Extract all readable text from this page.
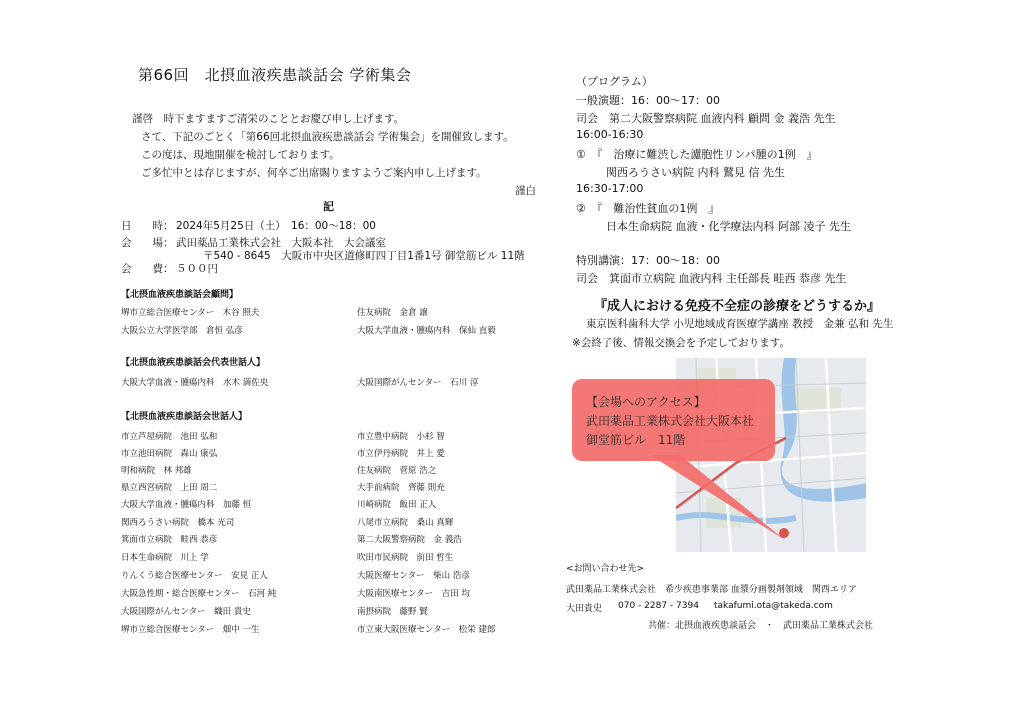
第66回　北摂血液疾患談話会 学術集会
謹啓　時下ますますご清栄のこととお慶び申し上げます。
さて、下記のごとく「第66回北摂血液疾患談話会 学術集会」を開催致します。
この度は、現地開催を検討しております。
ご多忙中とは存じますが、何卒ご出席賜りますようご案内申し上げます。
謹白
記
日　　時： 2024年5月25日（土）　16：00〜18：00
会　　場： 武田薬品工業株式会社　大阪本社　大会議室
〒540 - 8645　大阪市中央区道修町四丁目1番1号 御堂筋ビル 11階
会　　費： ５００円
【北摂血液疾患談話会顧問】
堺市立総合医療センター　木谷 照夫	住友病院　金倉 譲
大阪公立大学医学部　倉恒 弘彦	大阪大学血液・腫瘍内科　保仙 直毅
【北摂血液疾患談話会代表世話人】
大阪大学血液・腫瘍内科　水木 満佐央	大阪国際がんセンター　石川 淳
【北摂血液疾患談話会世話人】
市立芦屋病院　池田 弘和	市立豊中病院　小杉 智
市立池田病院　森山 康弘	市立伊丹病院　井上 愛
明和病院　林 邦雄	住友病院　菅原 浩之
県立西宮病院　上田 周二	大手前病院　齊藤 則充
大阪大学血液・腫瘍内科　加藤 恒	川崎病院　飯田 正人
関西ろうさい病院　橋本 光司	八尾市立病院　桑山 真輝
箕面市立病院　畦西 恭彦	第二大阪警察病院　金 義浩
日本生命病院　川上 学	吹田市民病院　前田 哲生
りんくう総合医療センター　安見 正人	大阪医療センター　柴山 浩彦
大阪急性期・総合医療センター　石河 純	大阪南医療センター　吉田 均
大阪国際がんセンター　織田 貴史	南摂病院　藤野 賢
堺市立総合医療センター　畑中 一生	市立東大阪医療センター　松栄 建郎
（プログラム）
一般演題：16：00〜17：00
司会　第二大阪警察病院 血液内科 顧問 金 義浩 先生
16:00-16:30
①　『　治療に難渋した濾胞性リンパ腫の1例　』
関西ろうさい病院 内科 鷲見 信 先生
16:30-17:00
②　『　難治性貧血の1例　』
日本生命病院 血液・化学療法内科 阿部 凌子 先生
特別講演：17：00〜18：00
司会　箕面市立病院 血液内科 主任部長 畦西 恭彦 先生
『成人における免疫不全症の診療をどうするか』
東京医科歯科大学 小児地域成育医療学講座 教授　金兼 弘和 先生
※会終了後、情報交換会を予定しております。
【会場へのアクセス】
武田薬品工業株式会社大阪本社
御堂筋ビル　11階
<お問い合わせ先>
武田薬品工業株式会社　希少疾患事業部 血漿分画製剤領域　関西エリア
大田貴史 070 - 2287 - 7394 takafumi.ota@takeda.com
共催：北摂血液疾患談話会　・　武田薬品工業株式会社
